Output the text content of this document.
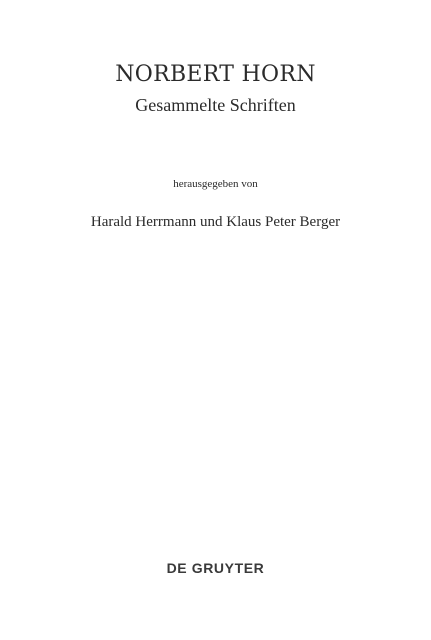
NORBERT HORN
Gesammelte Schriften
herausgegeben von
Harald Herrmann und Klaus Peter Berger
DE GRUYTER
